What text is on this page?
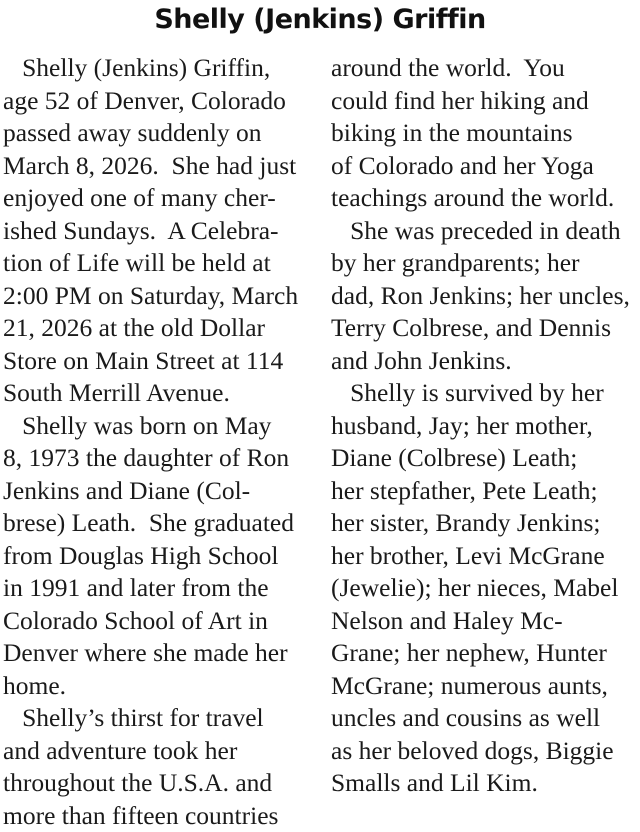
Shelly (Jenkins) Griffin
Shelly (Jenkins) Griffin,
age 52 of Denver, Colorado
passed away suddenly on
March 8, 2026.  She had just
enjoyed one of many cher-
ished Sundays.  A Celebra-
tion of Life will be held at
2:00 PM on Saturday, March
21, 2026 at the old Dollar
Store on Main Street at 114
South Merrill Avenue.
Shelly was born on May
8, 1973 the daughter of Ron
Jenkins and Diane (Col-
brese) Leath.  She graduated
from Douglas High School
in 1991 and later from the
Colorado School of Art in
Denver where she made her
home.
Shelly’s thirst for travel
and adventure took her
throughout the U.S.A. and
more than fifteen countries
around the world.  You
could find her hiking and
biking in the mountains
of Colorado and her Yoga
teachings around the world.
She was preceded in death
by her grandparents; her
dad, Ron Jenkins; her uncles,
Terry Colbrese, and Dennis
and John Jenkins.
Shelly is survived by her
husband, Jay; her mother,
Diane (Colbrese) Leath;
her stepfather, Pete Leath;
her sister, Brandy Jenkins;
her brother, Levi McGrane
(Jewelie); her nieces, Mabel
Nelson and Haley Mc-
Grane; her nephew, Hunter
McGrane; numerous aunts,
uncles and cousins as well
as her beloved dogs, Biggie
Smalls and Lil Kim.
